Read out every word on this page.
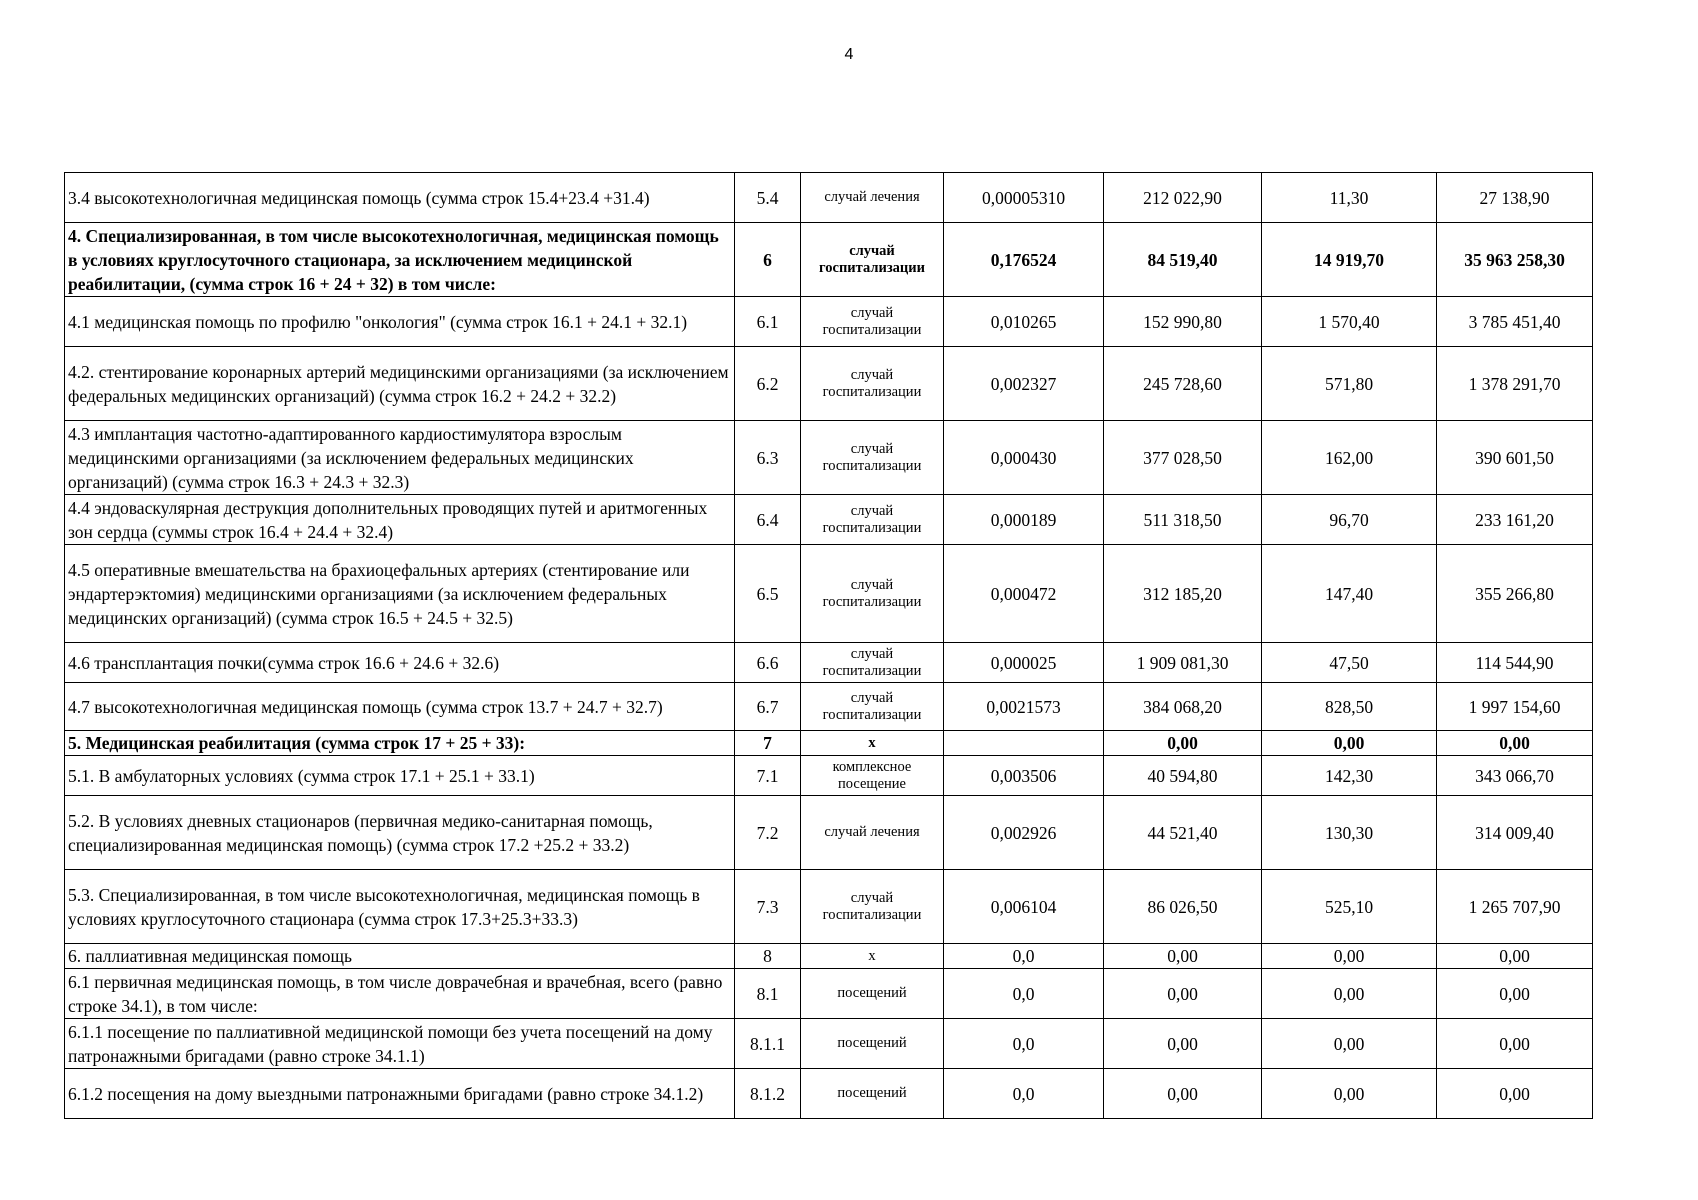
4
3.4 высокотехнологичная медицинская помощь (сумма строк 15.4+23.4 +31.4)	5.4	случай лечения	0,00005310	212 022,90	11,30	27 138,90
4. Специализированная, в том числе высокотехнологичная, медицинская помощь в условиях круглосуточного стационара, за исключением медицинской реабилитации, (сумма строк 16 + 24 + 32) в том числе:	6	случай госпитализации	0,176524	84 519,40	14 919,70	35 963 258,30
4.1 медицинская помощь по профилю "онкология" (сумма строк 16.1 + 24.1 + 32.1)	6.1	случай госпитализации	0,010265	152 990,80	1 570,40	3 785 451,40
4.2. стентирование коронарных артерий медицинскими организациями (за исключением федеральных медицинских организаций) (сумма строк 16.2 + 24.2 + 32.2)	6.2	случай госпитализации	0,002327	245 728,60	571,80	1 378 291,70
4.3 имплантация частотно-адаптированного кардиостимулятора взрослым медицинскими организациями (за исключением федеральных медицинских организаций) (сумма строк 16.3 + 24.3 + 32.3)	6.3	случай госпитализации	0,000430	377 028,50	162,00	390 601,50
4.4 эндоваскулярная деструкция дополнительных проводящих путей и аритмогенных зон сердца (суммы строк 16.4 + 24.4 + 32.4)	6.4	случай госпитализации	0,000189	511 318,50	96,70	233 161,20
4.5 оперативные вмешательства на брахиоцефальных артериях (стентирование или эндартерэктомия) медицинскими организациями (за исключением федеральных медицинских организаций) (сумма строк 16.5 + 24.5 + 32.5)	6.5	случай госпитализации	0,000472	312 185,20	147,40	355 266,80
4.6 трансплантация почки(сумма строк 16.6 + 24.6 + 32.6)	6.6	случай госпитализации	0,000025	1 909 081,30	47,50	114 544,90
4.7 высокотехнологичная медицинская помощь (сумма строк 13.7 + 24.7 + 32.7)	6.7	случай госпитализации	0,0021573	384 068,20	828,50	1 997 154,60
5. Медицинская реабилитация (сумма строк 17 + 25 + 33):	7	х		0,00	0,00	0,00
5.1. В амбулаторных условиях (сумма строк 17.1 + 25.1 + 33.1)	7.1	комплексное посещение	0,003506	40 594,80	142,30	343 066,70
5.2. В условиях дневных стационаров (первичная медико-санитарная помощь, специализированная медицинская помощь) (сумма строк 17.2 +25.2 + 33.2)	7.2	случай лечения	0,002926	44 521,40	130,30	314 009,40
5.3. Специализированная, в том числе высокотехнологичная, медицинская помощь в условиях круглосуточного стационара (сумма строк 17.3+25.3+33.3)	7.3	случай госпитализации	0,006104	86 026,50	525,10	1 265 707,90
6. паллиативная медицинская помощь	8	х	0,0	0,00	0,00	0,00
6.1 первичная медицинская помощь, в том числе доврачебная и врачебная, всего (равно строке 34.1), в том числе:	8.1	посещений	0,0	0,00	0,00	0,00
6.1.1 посещение по паллиативной медицинской помощи без учета посещений на дому патронажными бригадами (равно строке 34.1.1)	8.1.1	посещений	0,0	0,00	0,00	0,00
6.1.2 посещения на дому выездными патронажными бригадами (равно строке 34.1.2)	8.1.2	посещений	0,0	0,00	0,00	0,00
